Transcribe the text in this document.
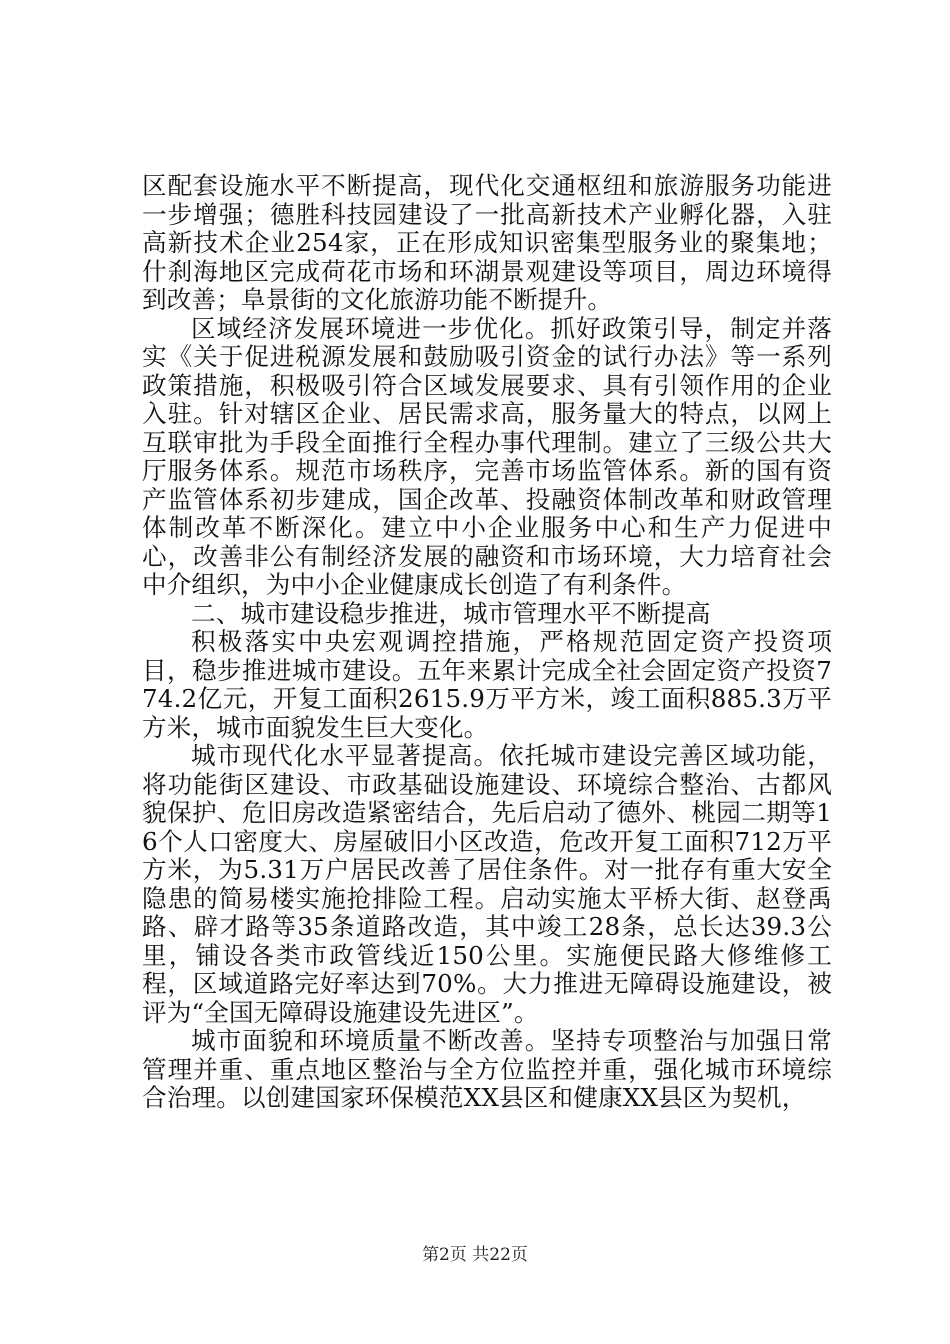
区配套设施水平不断提高，现代化交通枢纽和旅游服务功能进一步增强；德胜科技园建设了一批高新技术产业孵化器，入驻高新技术企业254家，正在形成知识密集型服务业的聚集地；什刹海地区完成荷花市场和环湖景观建设等项目，周边环境得到改善；阜景街的文化旅游功能不断提升。

区域经济发展环境进一步优化。抓好政策引导，制定并落实《关于促进税源发展和鼓励吸引资金的试行办法》等一系列政策措施，积极吸引符合区域发展要求、具有引领作用的企业入驻。针对辖区企业、居民需求高，服务量大的特点，以网上互联审批为手段全面推行全程办事代理制。建立了三级公共大厅服务体系。规范市场秩序，完善市场监管体系。新的国有资产监管体系初步建成，国企改革、投融资体制改革和财政管理体制改革不断深化。建立中小企业服务中心和生产力促进中心，改善非公有制经济发展的融资和市场环境，大力培育社会中介组织，为中小企业健康成长创造了有利条件。

二、城市建设稳步推进，城市管理水平不断提高

积极落实中央宏观调控措施，严格规范固定资产投资项目，稳步推进城市建设。五年来累计完成全社会固定资产投资774.2亿元，开复工面积2615.9万平方米，竣工面积885.3万平方米，城市面貌发生巨大变化。

城市现代化水平显著提高。依托城市建设完善区域功能，将功能街区建设、市政基础设施建设、环境综合整治、古都风貌保护、危旧房改造紧密结合，先后启动了德外、桃园二期等16个人口密度大、房屋破旧小区改造，危改开复工面积712万平方米，为5.31万户居民改善了居住条件。对一批存有重大安全隐患的简易楼实施抢排险工程。启动实施太平桥大街、赵登禹路、辟才路等35条道路改造，其中竣工28条，总长达39.3公里，铺设各类市政管线近150公里。实施便民路大修维修工程，区域道路完好率达到70%。大力推进无障碍设施建设，被评为“全国无障碍设施建设先进区”。

城市面貌和环境质量不断改善。坚持专项整治与加强日常管理并重、重点地区整治与全方位监控并重，强化城市环境综合治理。以创建国家环保模范XX县区和健康XX县区为契机，

第2页 共22页
